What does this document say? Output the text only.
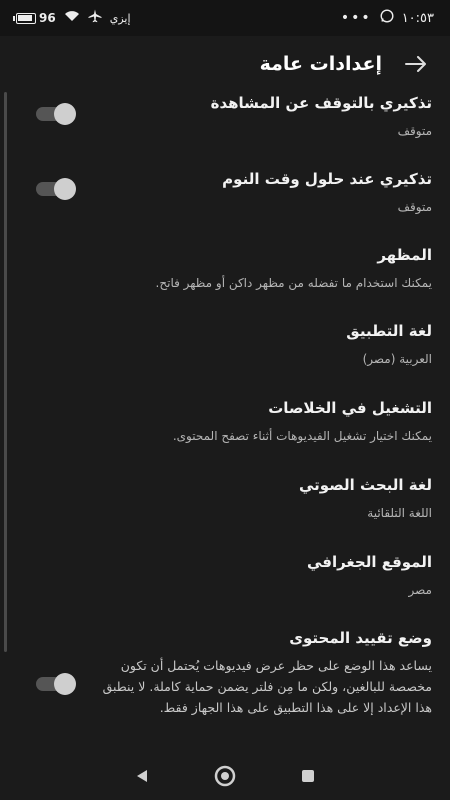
96	إيزي	••• ١٠:٥٣
إعدادات عامة
تذكيري بالتوقف عن المشاهدة
متوقف
تذكيري عند حلول وقت النوم
متوقف
المظهر
يمكنك استخدام ما تفضله من مظهر داكن أو مظهر فاتح.
لغة التطبيق
العربية (مصر)
التشغيل في الخلاصات
يمكنك اختيار تشغيل الفيديوهات أثناء تصفح المحتوى.
لغة البحث الصوتي
اللغة التلقائية
الموقع الجغرافي
مصر
وضع تقييد المحتوى
يساعد هذا الوضع على حظر عرض فيديوهات يُحتمل أن تكون مخصصة للبالغين، ولكن ما مِن فلتر يضمن حماية كاملة. لا ينطبق هذا الإعداد إلا على هذا التطبيق على هذا الجهاز فقط.
